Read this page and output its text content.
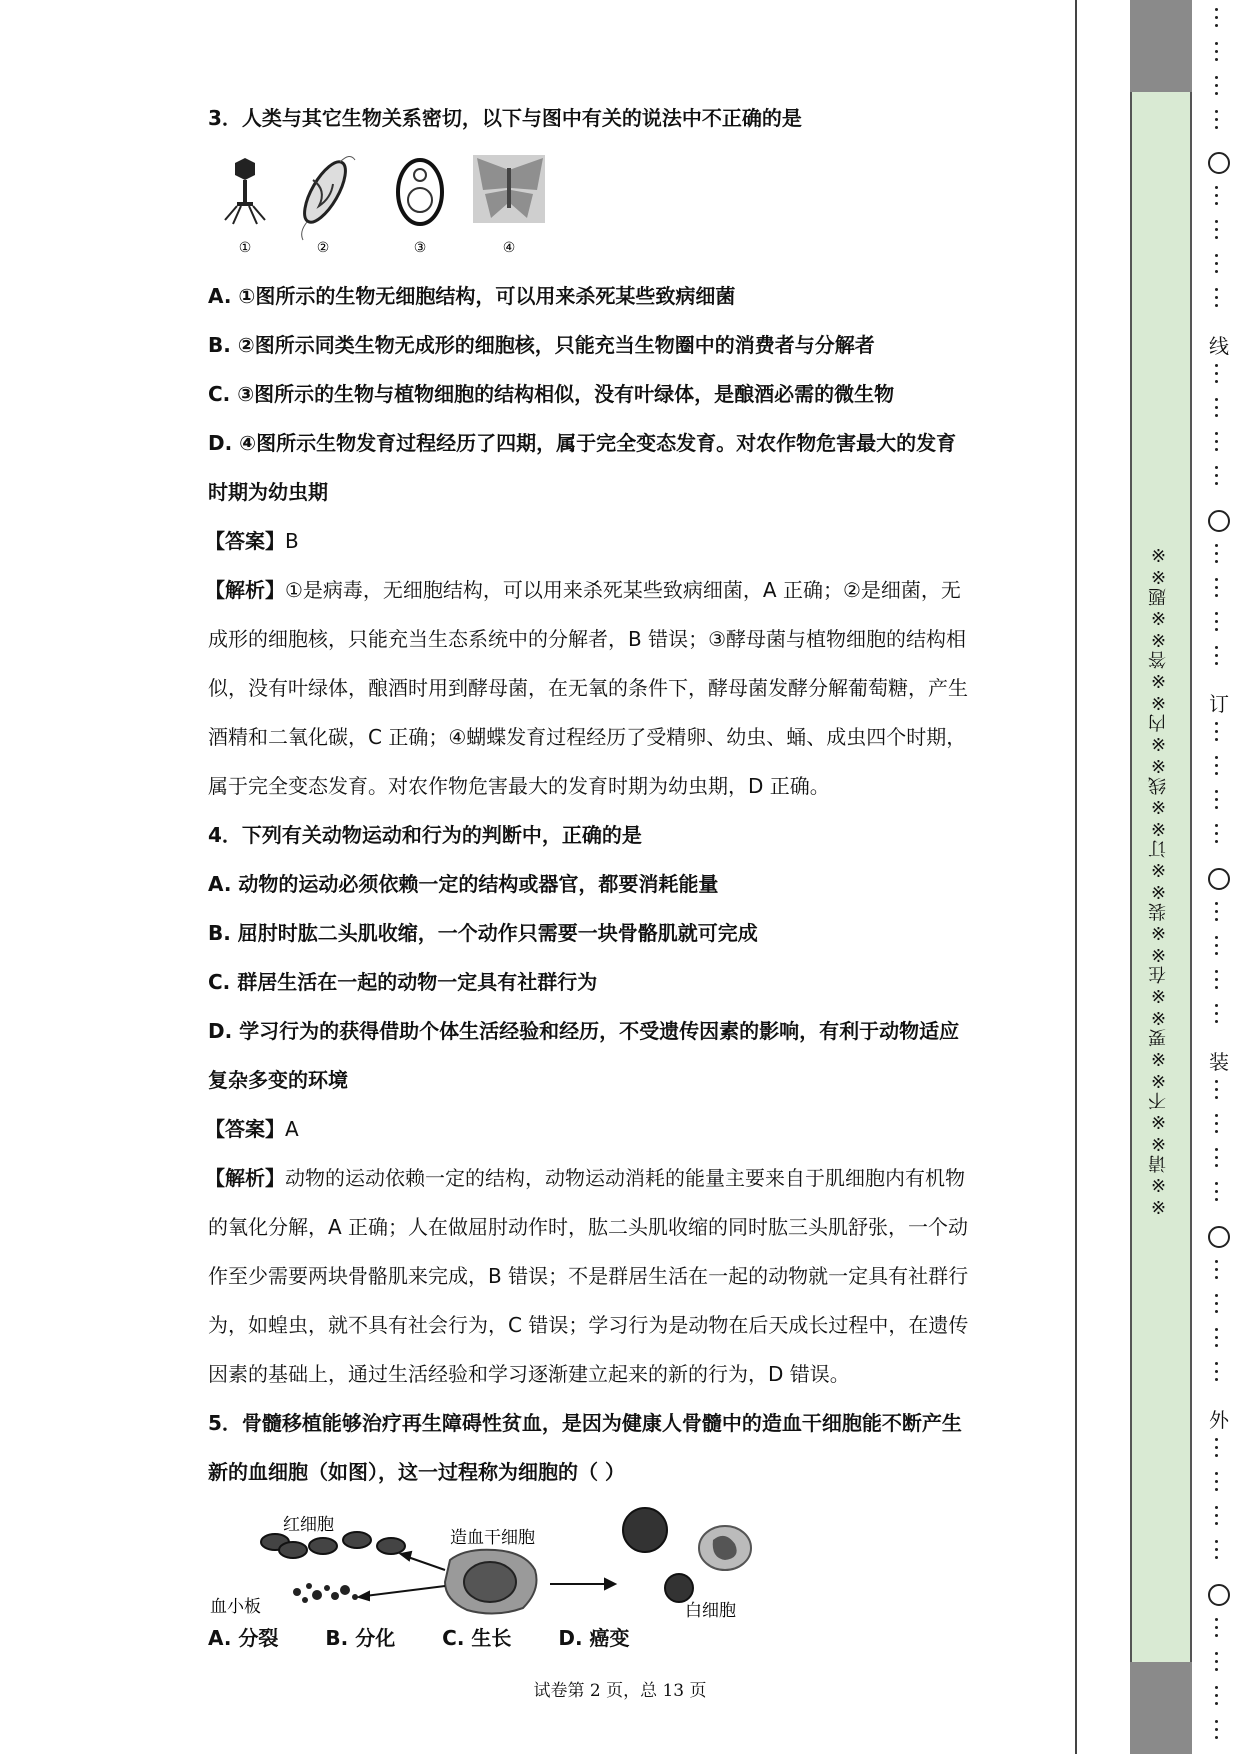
3．人类与其它生物关系密切，以下与图中有关的说法中不正确的是
①	②	③	④
A. ①图所示的生物无细胞结构，可以用来杀死某些致病细菌
B. ②图所示同类生物无成形的细胞核，只能充当生物圈中的消费者与分解者
C. ③图所示的生物与植物细胞的结构相似，没有叶绿体，是酿酒必需的微生物
D. ④图所示生物发育过程经历了四期，属于完全变态发育。对农作物危害最大的发育
时期为幼虫期
【答案】B
【解析】①是病毒，无细胞结构，可以用来杀死某些致病细菌，A 正确；②是细菌，无
成形的细胞核，只能充当生态系统中的分解者，B 错误；③酵母菌与植物细胞的结构相
似，没有叶绿体，酿酒时用到酵母菌，在无氧的条件下，酵母菌发酵分解葡萄糖，产生
酒精和二氧化碳，C 正确；④蝴蝶发育过程经历了受精卵、幼虫、蛹、成虫四个时期，
属于完全变态发育。对农作物危害最大的发育时期为幼虫期，D 正确。
4．下列有关动物运动和行为的判断中，正确的是
A. 动物的运动必须依赖一定的结构或器官，都要消耗能量
B. 屈肘时肱二头肌收缩，一个动作只需要一块骨骼肌就可完成
C. 群居生活在一起的动物一定具有社群行为
D. 学习行为的获得借助个体生活经验和经历，不受遗传因素的影响，有利于动物适应
复杂多变的环境
【答案】A
【解析】动物的运动依赖一定的结构，动物运动消耗的能量主要来自于肌细胞内有机物
的氧化分解，A 正确；人在做屈肘动作时，肱二头肌收缩的同时肱三头肌舒张，一个动
作至少需要两块骨骼肌来完成，B 错误；不是群居生活在一起的动物就一定具有社群行
为，如蝗虫，就不具有社会行为，C 错误；学习行为是动物在后天成长过程中，在遗传
因素的基础上，通过生活经验和学习逐渐建立起来的新的行为，D 错误。
5．骨髓移植能够治疗再生障碍性贫血，是因为健康人骨髓中的造血干细胞能不断产生
新的血细胞（如图），这一过程称为细胞的（ ）
红细胞
造血干细胞
血小板	白细胞
A. 分裂 B. 分化 C. 生长 D. 癌变
试卷第 2 页，总 13 页
※※请※※不※※要※※在※※装※※订※※线※※内※※答※※题※※
线
订
装
外
